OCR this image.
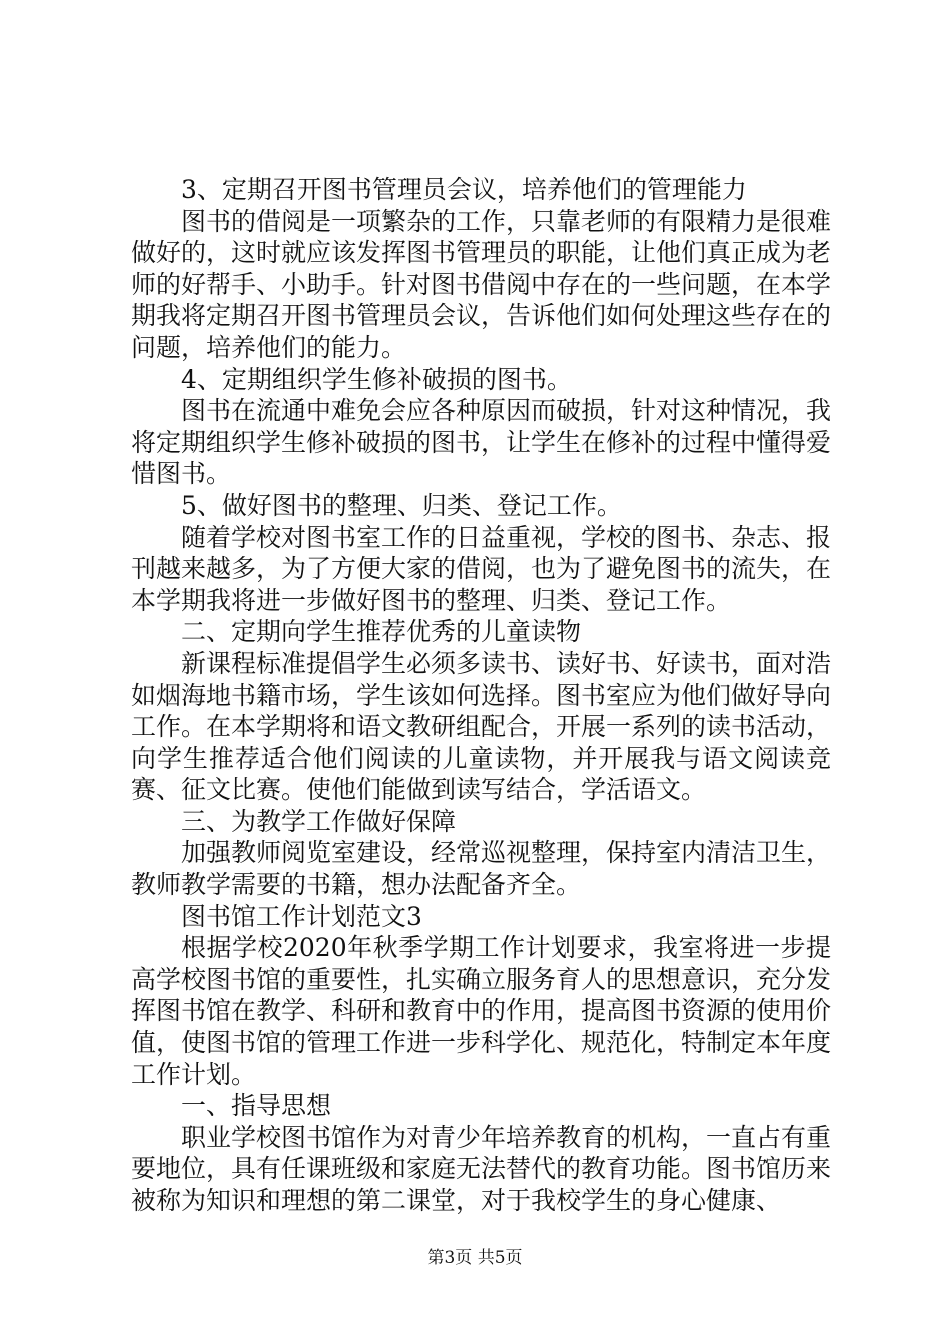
3、定期召开图书管理员会议，培养他们的管理能力

图书的借阅是一项繁杂的工作，只靠老师的有限精力是很难做好的，这时就应该发挥图书管理员的职能，让他们真正成为老师的好帮手、小助手。针对图书借阅中存在的一些问题，在本学期我将定期召开图书管理员会议，告诉他们如何处理这些存在的问题，培养他们的能力。

4、定期组织学生修补破损的图书。

图书在流通中难免会应各种原因而破损，针对这种情况，我将定期组织学生修补破损的图书，让学生在修补的过程中懂得爱惜图书。

5、做好图书的整理、归类、登记工作。

随着学校对图书室工作的日益重视，学校的图书、杂志、报刊越来越多，为了方便大家的借阅，也为了避免图书的流失，在本学期我将进一步做好图书的整理、归类、登记工作。

二、定期向学生推荐优秀的儿童读物

新课程标准提倡学生必须多读书、读好书、好读书，面对浩如烟海地书籍市场，学生该如何选择。图书室应为他们做好导向工作。在本学期将和语文教研组配合，开展一系列的读书活动，向学生推荐适合他们阅读的儿童读物，并开展我与语文阅读竞赛、征文比赛。使他们能做到读写结合，学活语文。

三、为教学工作做好保障

加强教师阅览室建设，经常巡视整理，保持室内清洁卫生，教师教学需要的书籍，想办法配备齐全。

图书馆工作计划范文3

根据学校2020年秋季学期工作计划要求，我室将进一步提高学校图书馆的重要性，扎实确立服务育人的思想意识，充分发挥图书馆在教学、科研和教育中的作用，提高图书资源的使用价值，使图书馆的管理工作进一步科学化、规范化，特制定本年度工作计划。

一、指导思想

职业学校图书馆作为对青少年培养教育的机构，一直占有重要地位，具有任课班级和家庭无法替代的教育功能。图书馆历来被称为知识和理想的第二课堂，对于我校学生的身心健康、

第3页 共5页
